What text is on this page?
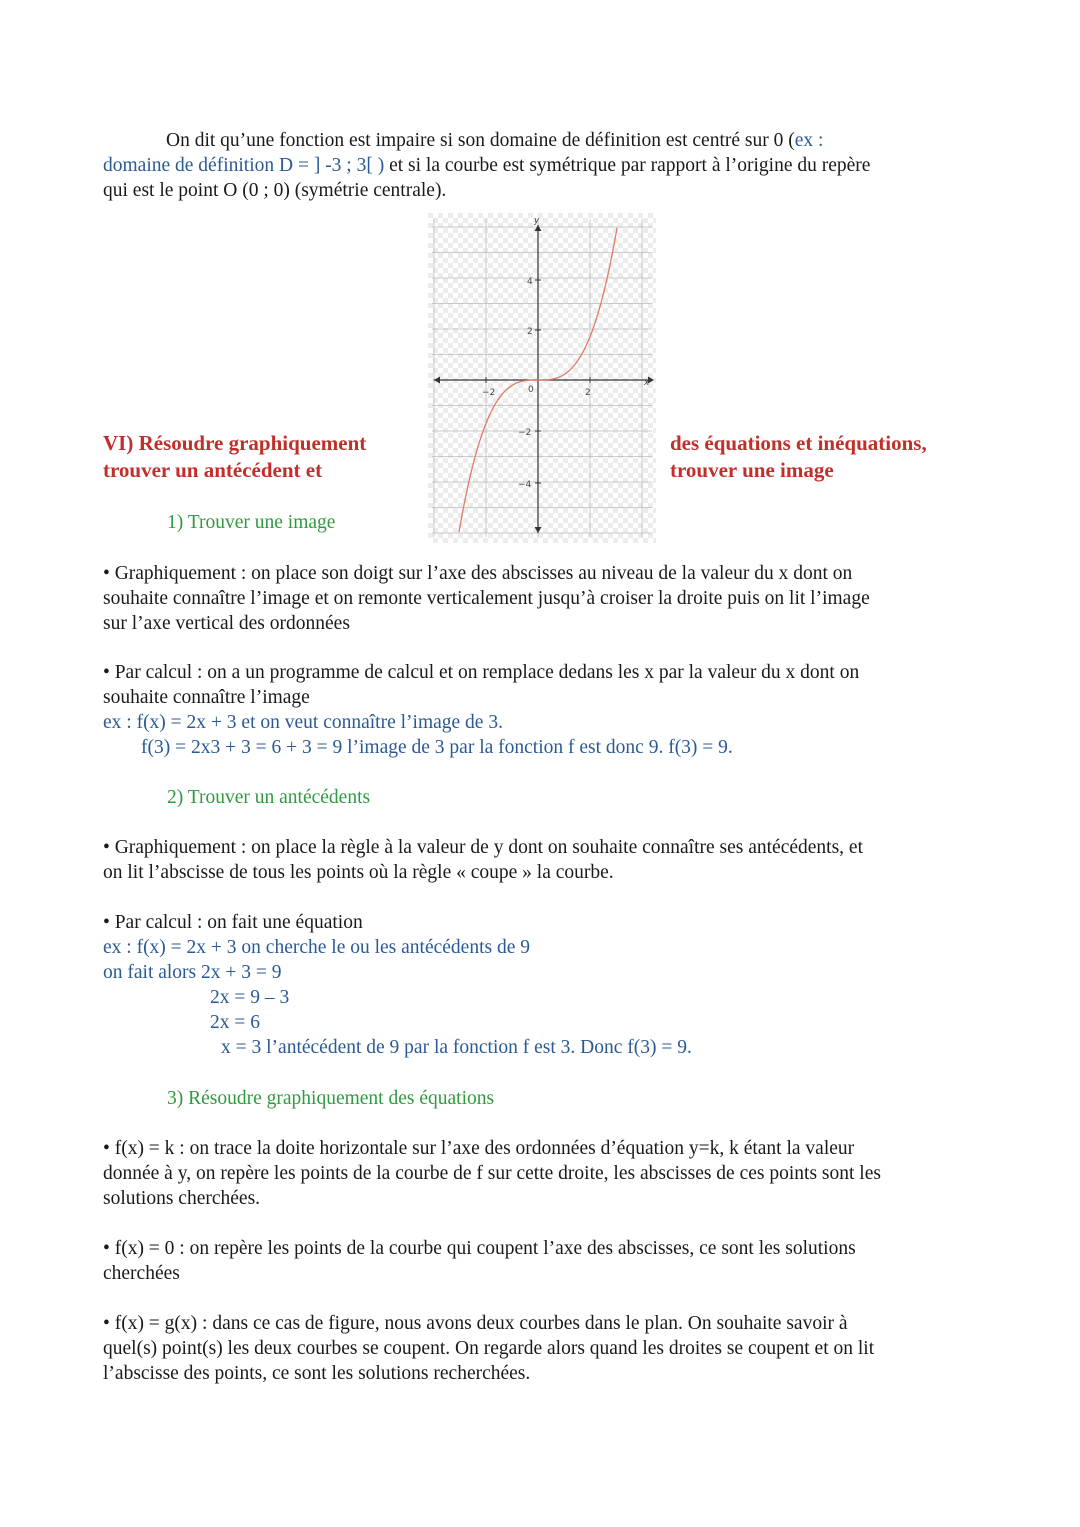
On dit qu’une fonction est impaire si son domaine de définition est centré sur 0 (ex :
domaine de définition D = ] -3 ; 3[ ) et si la courbe est symétrique par rapport à l’origine du repère
qui est le point O (0 ; 0) (symétrie centrale).
y
x
−2	0	2
4
2
−2
−4
VI) Résoudre graphiquement
trouver un antécédent et
des équations et inéquations,
trouver une image
1) Trouver une image
• Graphiquement : on place son doigt sur l’axe des abscisses au niveau de la valeur du x dont on
souhaite connaître l’image et on remonte verticalement jusqu’à croiser la droite puis on lit l’image
sur l’axe vertical des ordonnées
• Par calcul : on a un programme de calcul et on remplace dedans les x par la valeur du x dont on
souhaite connaître l’image
ex : f(x) = 2x + 3 et on veut connaître l’image de 3.
f(3) = 2x3 + 3 = 6 + 3 = 9 l’image de 3 par la fonction f est donc 9. f(3) = 9.
2) Trouver un antécédents
• Graphiquement : on place la règle à la valeur de y dont on souhaite connaître ses antécédents, et
on lit l’abscisse de tous les points où la règle « coupe » la courbe.
• Par calcul : on fait une équation
ex : f(x) = 2x + 3 on cherche le ou les antécédents de 9
on fait alors 2x + 3 = 9
2x = 9 – 3
2x = 6
x = 3 l’antécédent de 9 par la fonction f est 3. Donc f(3) = 9.
3) Résoudre graphiquement des équations
• f(x) = k : on trace la doite horizontale sur l’axe des ordonnées d’équation y=k, k étant la valeur
donnée à y, on repère les points de la courbe de f sur cette droite, les abscisses de ces points sont les
solutions cherchées.
• f(x) = 0 : on repère les points de la courbe qui coupent l’axe des abscisses, ce sont les solutions
cherchées
• f(x) = g(x) : dans ce cas de figure, nous avons deux courbes dans le plan. On souhaite savoir à
quel(s) point(s) les deux courbes se coupent. On regarde alors quand les droites se coupent et on lit
l’abscisse des points, ce sont les solutions recherchées.
